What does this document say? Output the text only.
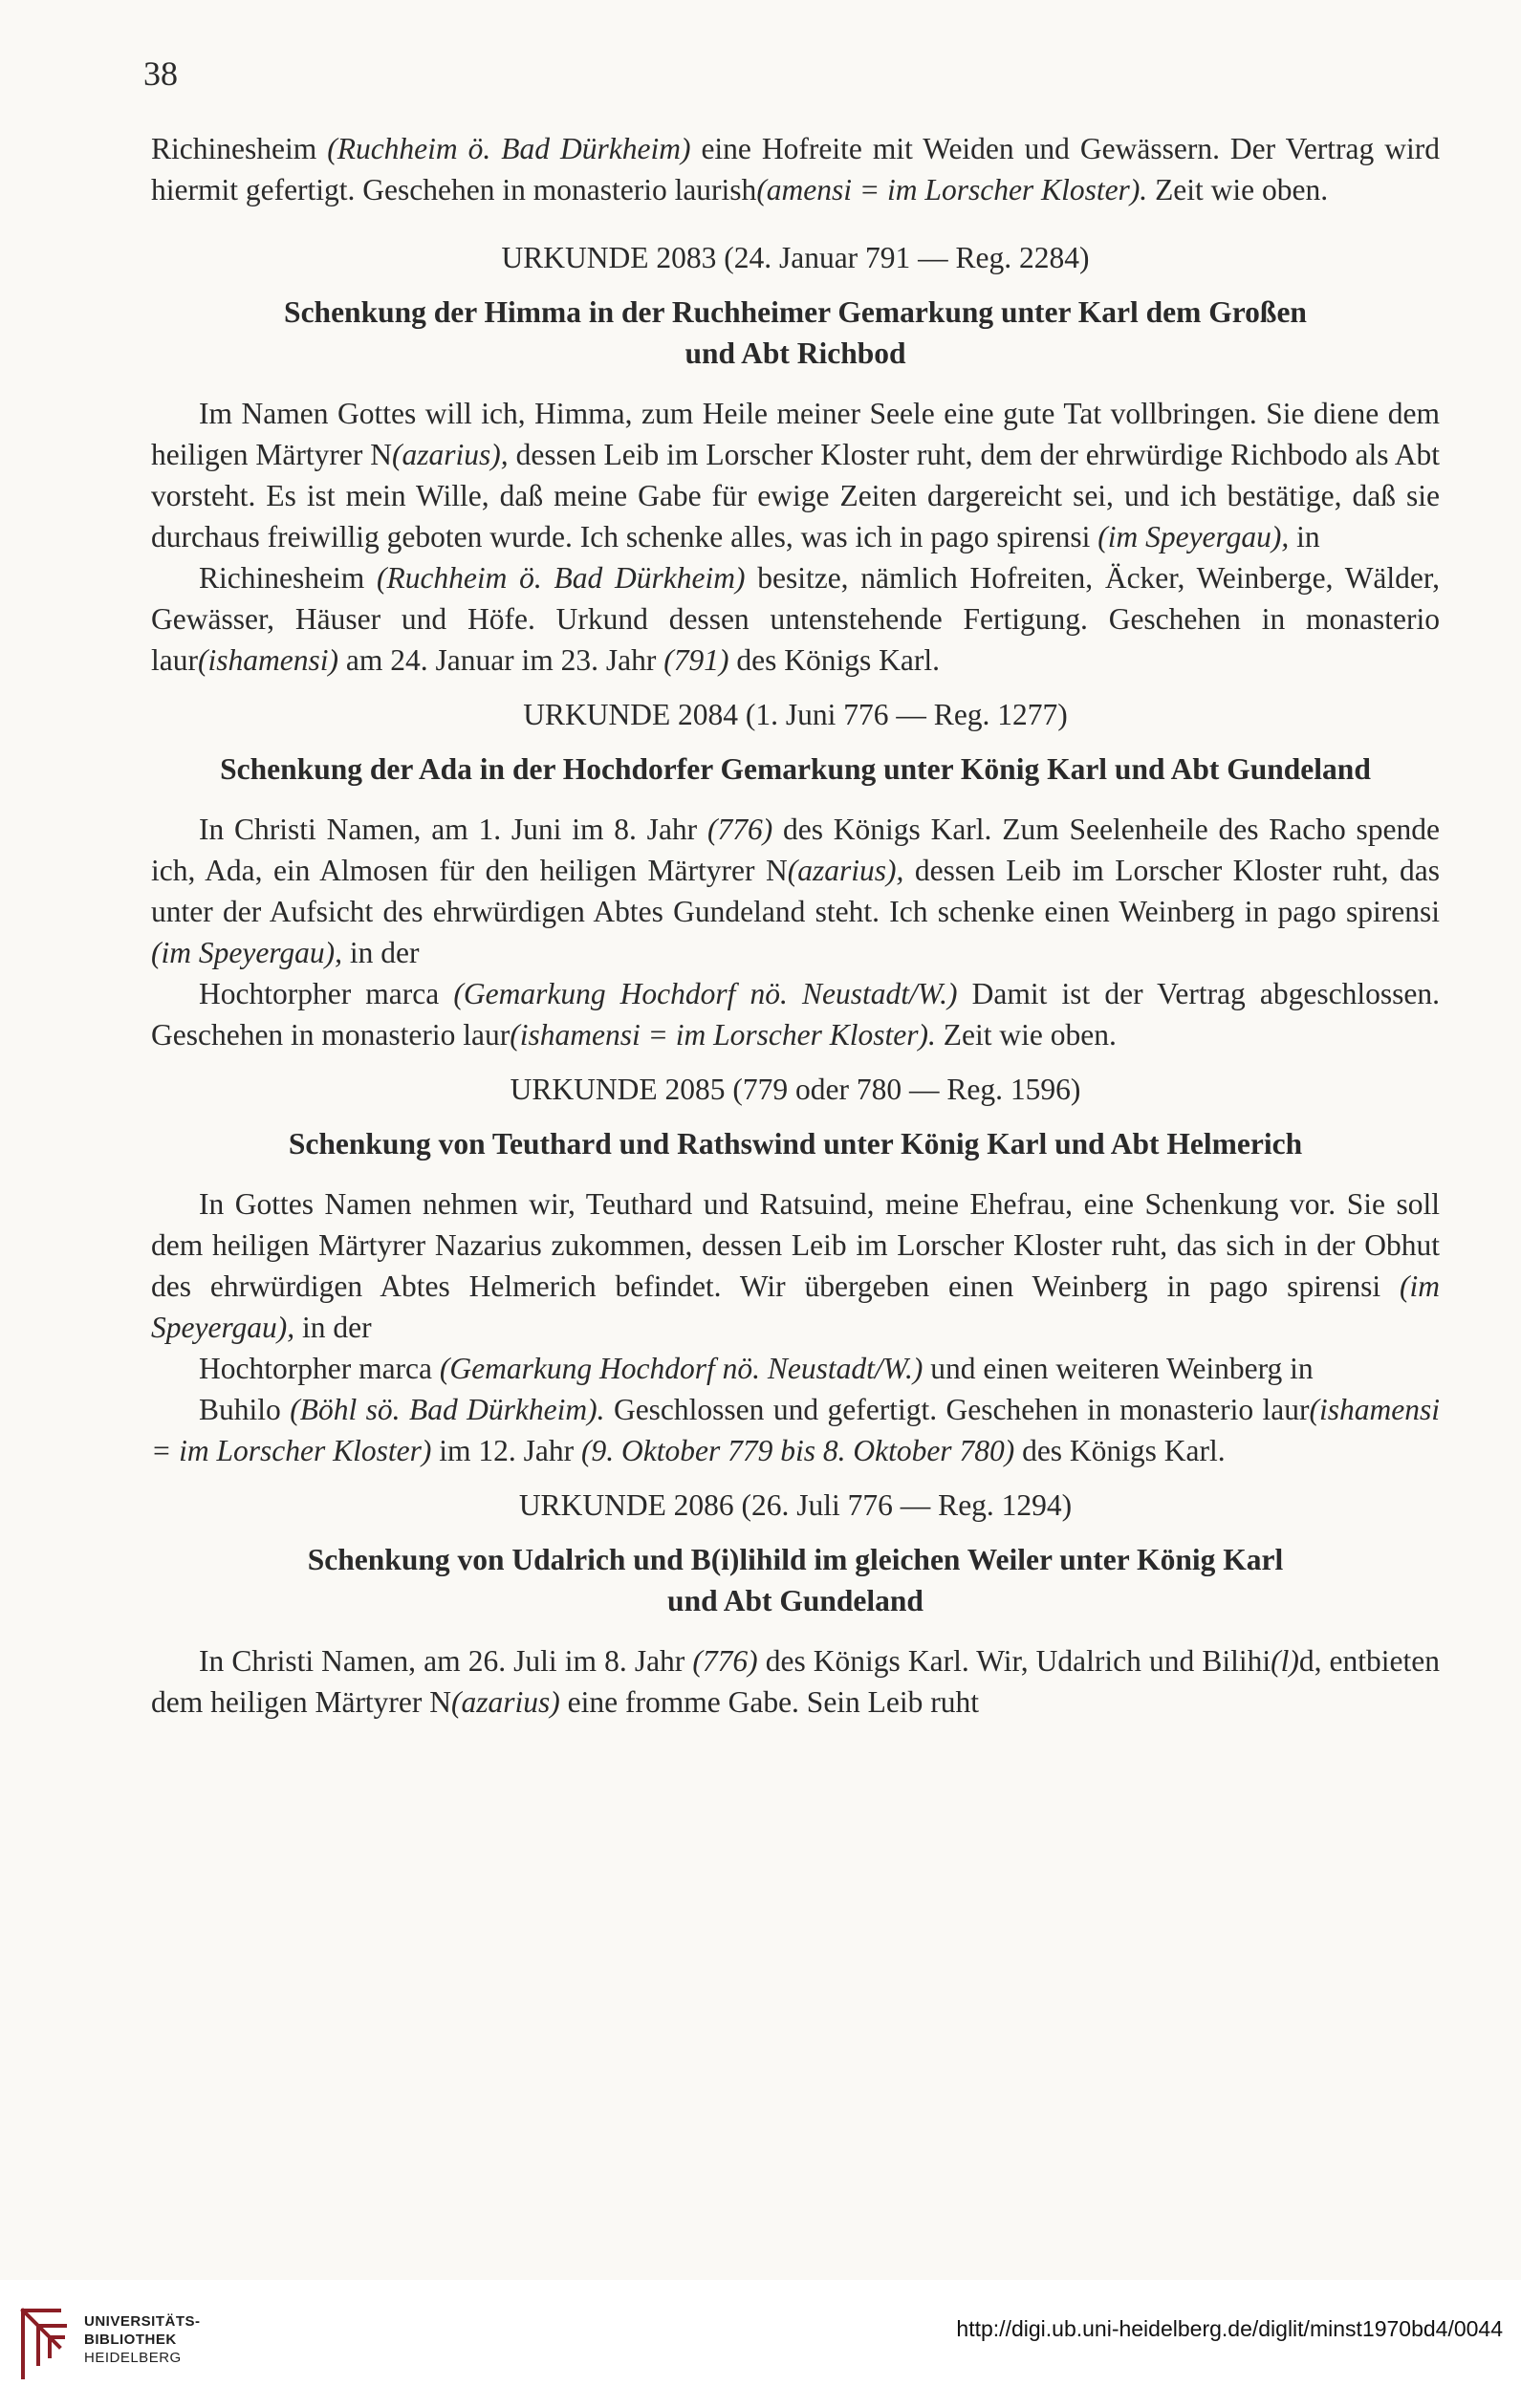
38

Richinesheim (Ruchheim ö. Bad Dürkheim) eine Hofreite mit Weiden und Gewässern. Der Vertrag wird hiermit gefertigt. Geschehen in monasterio laurish(amensi = im Lorscher Kloster). Zeit wie oben.

URKUNDE 2083 (24. Januar 791 — Reg. 2284)
Schenkung der Himma in der Ruchheimer Gemarkung unter Karl dem Großen
und Abt Richbod

Im Namen Gottes will ich, Himma, zum Heile meiner Seele eine gute Tat vollbringen. Sie diene dem heiligen Märtyrer N(azarius), dessen Leib im Lorscher Kloster ruht, dem der ehrwürdige Richbodo als Abt vorsteht. Es ist mein Wille, daß meine Gabe für ewige Zeiten dargereicht sei, und ich bestätige, daß sie durchaus freiwillig geboten wurde. Ich schenke alles, was ich in pago spirensi (im Speyergau), in

Richinesheim (Ruchheim ö. Bad Dürkheim) besitze, nämlich Hofreiten, Äcker, Weinberge, Wälder, Gewässer, Häuser und Höfe. Urkund dessen untenstehende Fertigung. Geschehen in monasterio laur(ishamensi) am 24. Januar im 23. Jahr (791) des Königs Karl.

URKUNDE 2084 (1. Juni 776 — Reg. 1277)
Schenkung der Ada in der Hochdorfer Gemarkung unter König Karl und Abt Gundeland

In Christi Namen, am 1. Juni im 8. Jahr (776) des Königs Karl. Zum Seelenheile des Racho spende ich, Ada, ein Almosen für den heiligen Märtyrer N(azarius), dessen Leib im Lorscher Kloster ruht, das unter der Aufsicht des ehrwürdigen Abtes Gundeland steht. Ich schenke einen Weinberg in pago spirensi (im Speyergau), in der

Hochtorpher marca (Gemarkung Hochdorf nö. Neustadt/W.) Damit ist der Vertrag abgeschlossen. Geschehen in monasterio laur(ishamensi = im Lorscher Kloster). Zeit wie oben.

URKUNDE 2085 (779 oder 780 — Reg. 1596)
Schenkung von Teuthard und Rathswind unter König Karl und Abt Helmerich

In Gottes Namen nehmen wir, Teuthard und Ratsuind, meine Ehefrau, eine Schenkung vor. Sie soll dem heiligen Märtyrer Nazarius zukommen, dessen Leib im Lorscher Kloster ruht, das sich in der Obhut des ehrwürdigen Abtes Helmerich befindet. Wir übergeben einen Weinberg in pago spirensi (im Speyergau), in der

Hochtorpher marca (Gemarkung Hochdorf nö. Neustadt/W.) und einen weiteren Weinberg in

Buhilo (Böhl sö. Bad Dürkheim). Geschlossen und gefertigt. Geschehen in monasterio laur(ishamensi = im Lorscher Kloster) im 12. Jahr (9. Oktober 779 bis 8. Oktober 780) des Königs Karl.

URKUNDE 2086 (26. Juli 776 — Reg. 1294)
Schenkung von Udalrich und B(i)lihild im gleichen Weiler unter König Karl
und Abt Gundeland

In Christi Namen, am 26. Juli im 8. Jahr (776) des Königs Karl. Wir, Udalrich und Bilihi(l)d, entbieten dem heiligen Märtyrer N(azarius) eine fromme Gabe. Sein Leib ruht

UNIVERSITÄTS-
BIBLIOTHEK
HEIDELBERG
http://digi.ub.uni-heidelberg.de/diglit/minst1970bd4/0044
